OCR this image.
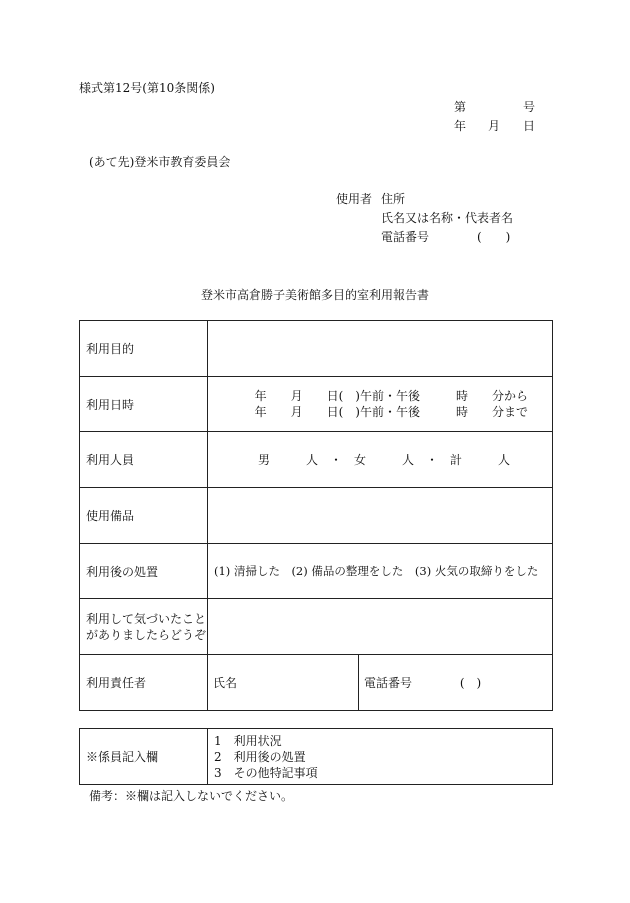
様式第12号(第10条関係)
第	号
年 月 日
(あて先)登米市教育委員会
使用者 住所
氏名又は名称・代表者名
電話番号	(　　)
登米市高倉勝子美術館多目的室利用報告書
利用目的		
利用日時	年　　月　　日(　)午前・午後　　　時　　分から
年　　月　　日(　)午前・午後　　　時　　分まで	

利用人員	男　　　人　・　女　　　人　・　計　　　人	
使用備品		
利用後の処置	(1) 清掃した　(2) 備品の整理をした　(3) 火気の取締りをした	

利用して気づいたこと
がありましたらどうぞ		

利用責任者	氏名	電話番号 (　)
※係員記入欄	
1　利用状況
2　利用後の処置
3　その他特記事項
備考：※欄は記入しないでください。
